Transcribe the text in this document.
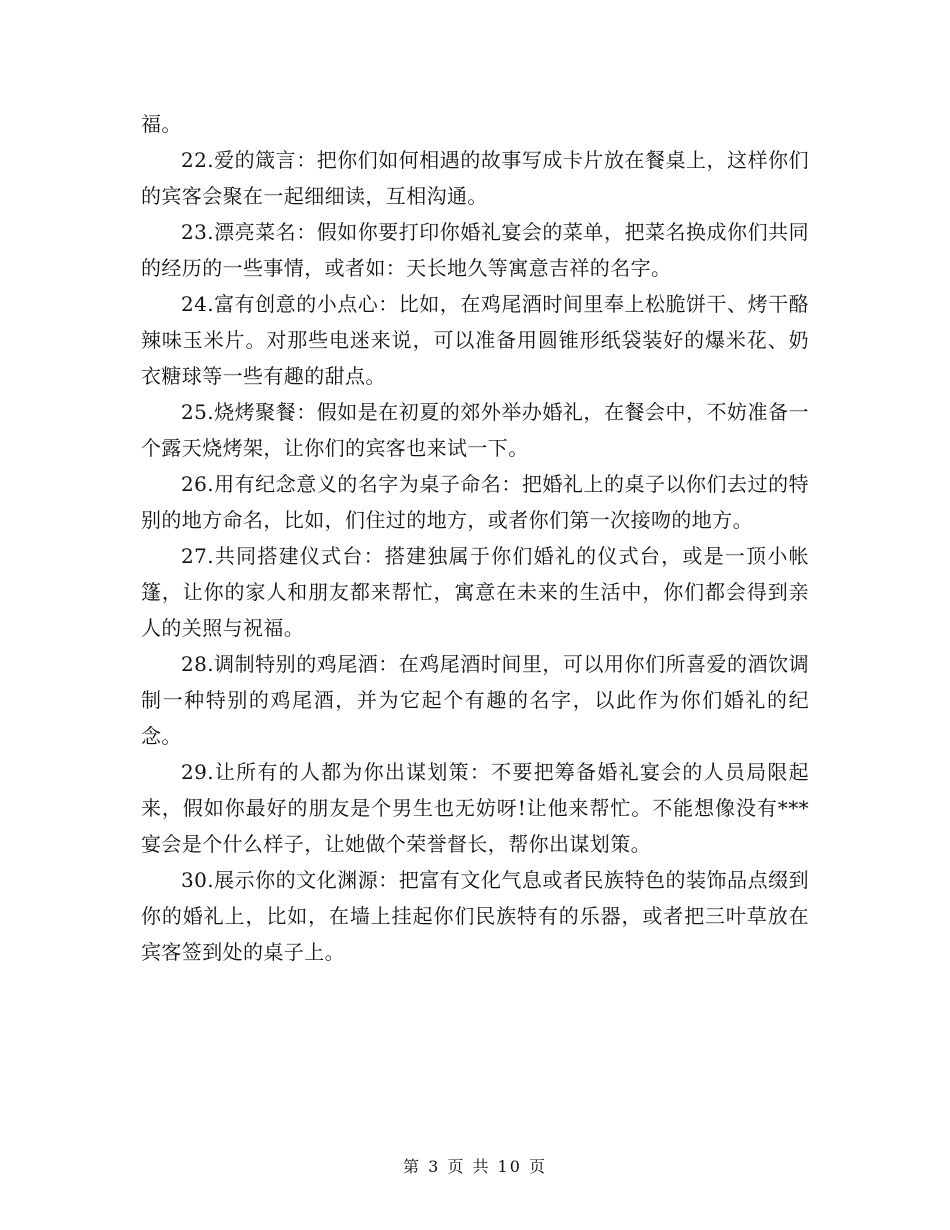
福。

22.爱的箴言：把你们如何相遇的故事写成卡片放在餐桌上，这样你们的宾客会聚在一起细细读，互相沟通。

23.漂亮菜名：假如你要打印你婚礼宴会的菜单，把菜名换成你们共同的经历的一些事情，或者如：天长地久等寓意吉祥的名字。

24.富有创意的小点心：比如，在鸡尾酒时间里奉上松脆饼干、烤干酪辣味玉米片。对那些电迷来说，可以准备用圆锥形纸袋装好的爆米花、奶衣糖球等一些有趣的甜点。

25.烧烤聚餐：假如是在初夏的郊外举办婚礼，在餐会中，不妨准备一个露天烧烤架，让你们的宾客也来试一下。

26.用有纪念意义的名字为桌子命名：把婚礼上的桌子以你们去过的特别的地方命名，比如，们住过的地方，或者你们第一次接吻的地方。

27.共同搭建仪式台：搭建独属于你们婚礼的仪式台，或是一顶小帐篷，让你的家人和朋友都来帮忙，寓意在未来的生活中，你们都会得到亲人的关照与祝福。

28.调制特别的鸡尾酒：在鸡尾酒时间里，可以用你们所喜爱的酒饮调制一种特别的鸡尾酒，并为它起个有趣的名字，以此作为你们婚礼的纪念。

29.让所有的人都为你出谋划策：不要把筹备婚礼宴会的人员局限起来，假如你最好的朋友是个男生也无妨呀!让他来帮忙。不能想像没有***宴会是个什么样子，让她做个荣誉督长，帮你出谋划策。

30.展示你的文化渊源：把富有文化气息或者民族特色的装饰品点缀到你的婚礼上，比如，在墙上挂起你们民族特有的乐器，或者把三叶草放在宾客签到处的桌子上。

第 3 页 共 10 页
